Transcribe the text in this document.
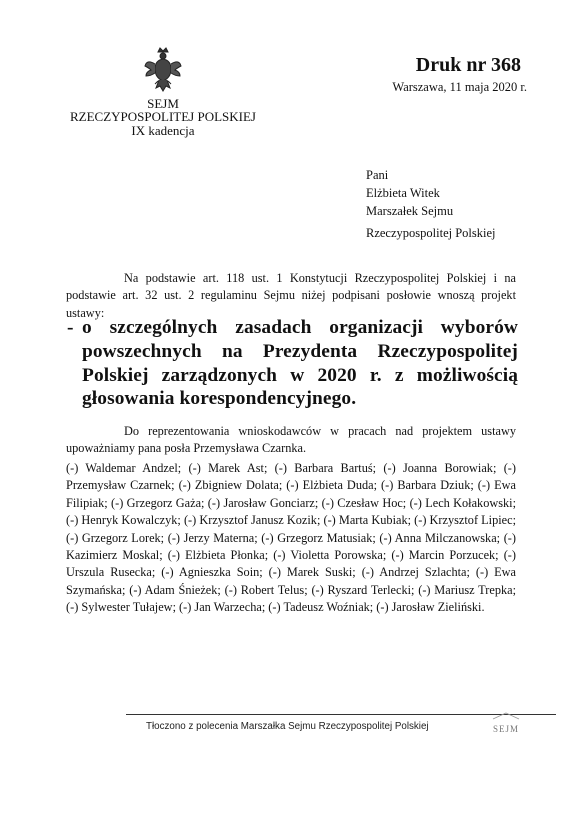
SEJM
RZECZYPOSPOLITEJ POLSKIEJ
IX kadencja
Druk nr 368
Warszawa, 11 maja 2020 r.
Pani
Elżbieta Witek
Marszałek Sejmu
Rzeczypospolitej Polskiej
Na podstawie art. 118 ust. 1 Konstytucji Rzeczypospolitej Polskiej i na podstawie art. 32 ust. 2 regulaminu Sejmu niżej podpisani posłowie wnoszą projekt ustawy:
- o szczególnych zasadach organizacji wyborów powszechnych na Prezydenta Rzeczypospolitej Polskiej zarządzonych w 2020 r. z możliwością głosowania korespondencyjnego.
Do reprezentowania wnioskodawców w pracach nad projektem ustawy upoważniamy pana posła Przemysława Czarnka.
(-) Waldemar Andzel; (-) Marek Ast; (-) Barbara Bartuś; (-) Joanna Borowiak; (-) Przemysław Czarnek; (-) Zbigniew Dolata; (-) Elżbieta Duda; (-) Barbara Dziuk; (-) Ewa Filipiak; (-) Grzegorz Gaża; (-) Jarosław Gonciarz; (-) Czesław Hoc; (-) Lech Kołakowski; (-) Henryk Kowalczyk; (-) Krzysztof Janusz Kozik; (-) Marta Kubiak; (-) Krzysztof Lipiec; (-) Grzegorz Lorek; (-) Jerzy Materna; (-) Grzegorz Matusiak; (-) Anna Milczanowska; (-) Kazimierz Moskal; (-) Elżbieta Płonka; (-) Violetta Porowska; (-) Marcin Porzucek; (-) Urszula Rusecka; (-) Agnieszka Soin; (-) Marek Suski; (-) Andrzej Szlachta; (-) Ewa Szymańska; (-) Adam Śnieżek; (-) Robert Telus; (-) Ryszard Terlecki; (-) Mariusz Trepka; (-) Sylwester Tułajew; (-) Jan Warzecha; (-) Tadeusz Woźniak; (-) Jarosław Zieliński.
Tłoczono z polecenia Marszałka Sejmu Rzeczypospolitej Polskiej	SEJM
